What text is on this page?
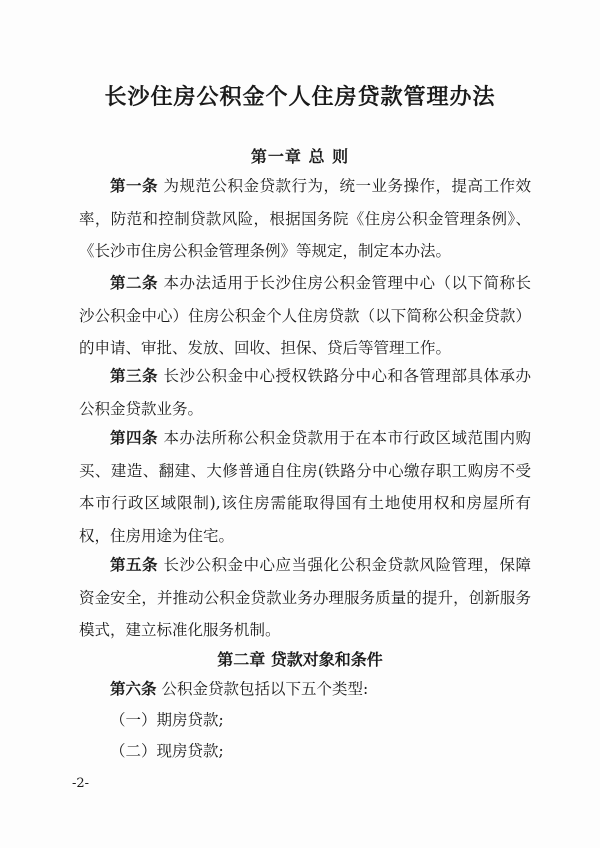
长沙住房公积金个人住房贷款管理办法
第一章 总 则

第一条 为规范公积金贷款行为，统一业务操作，提高工作效率，防范和控制贷款风险，根据国务院《住房公积金管理条例》、《长沙市住房公积金管理条例》等规定，制定本办法。

第二条 本办法适用于长沙住房公积金管理中心（以下简称长沙公积金中心）住房公积金个人住房贷款（以下简称公积金贷款）的申请、审批、发放、回收、担保、贷后等管理工作。

第三条 长沙公积金中心授权铁路分中心和各管理部具体承办公积金贷款业务。

第四条 本办法所称公积金贷款用于在本市行政区域范围内购买、建造、翻建、大修普通自住房(铁路分中心缴存职工购房不受本市行政区域限制),该住房需能取得国有土地使用权和房屋所有权，住房用途为住宅。

第五条 长沙公积金中心应当强化公积金贷款风险管理，保障资金安全，并推动公积金贷款业务办理服务质量的提升，创新服务模式，建立标准化服务机制。

第二章 贷款对象和条件

第六条 公积金贷款包括以下五个类型:

（一）期房贷款;

（二）现房贷款;

-2-
